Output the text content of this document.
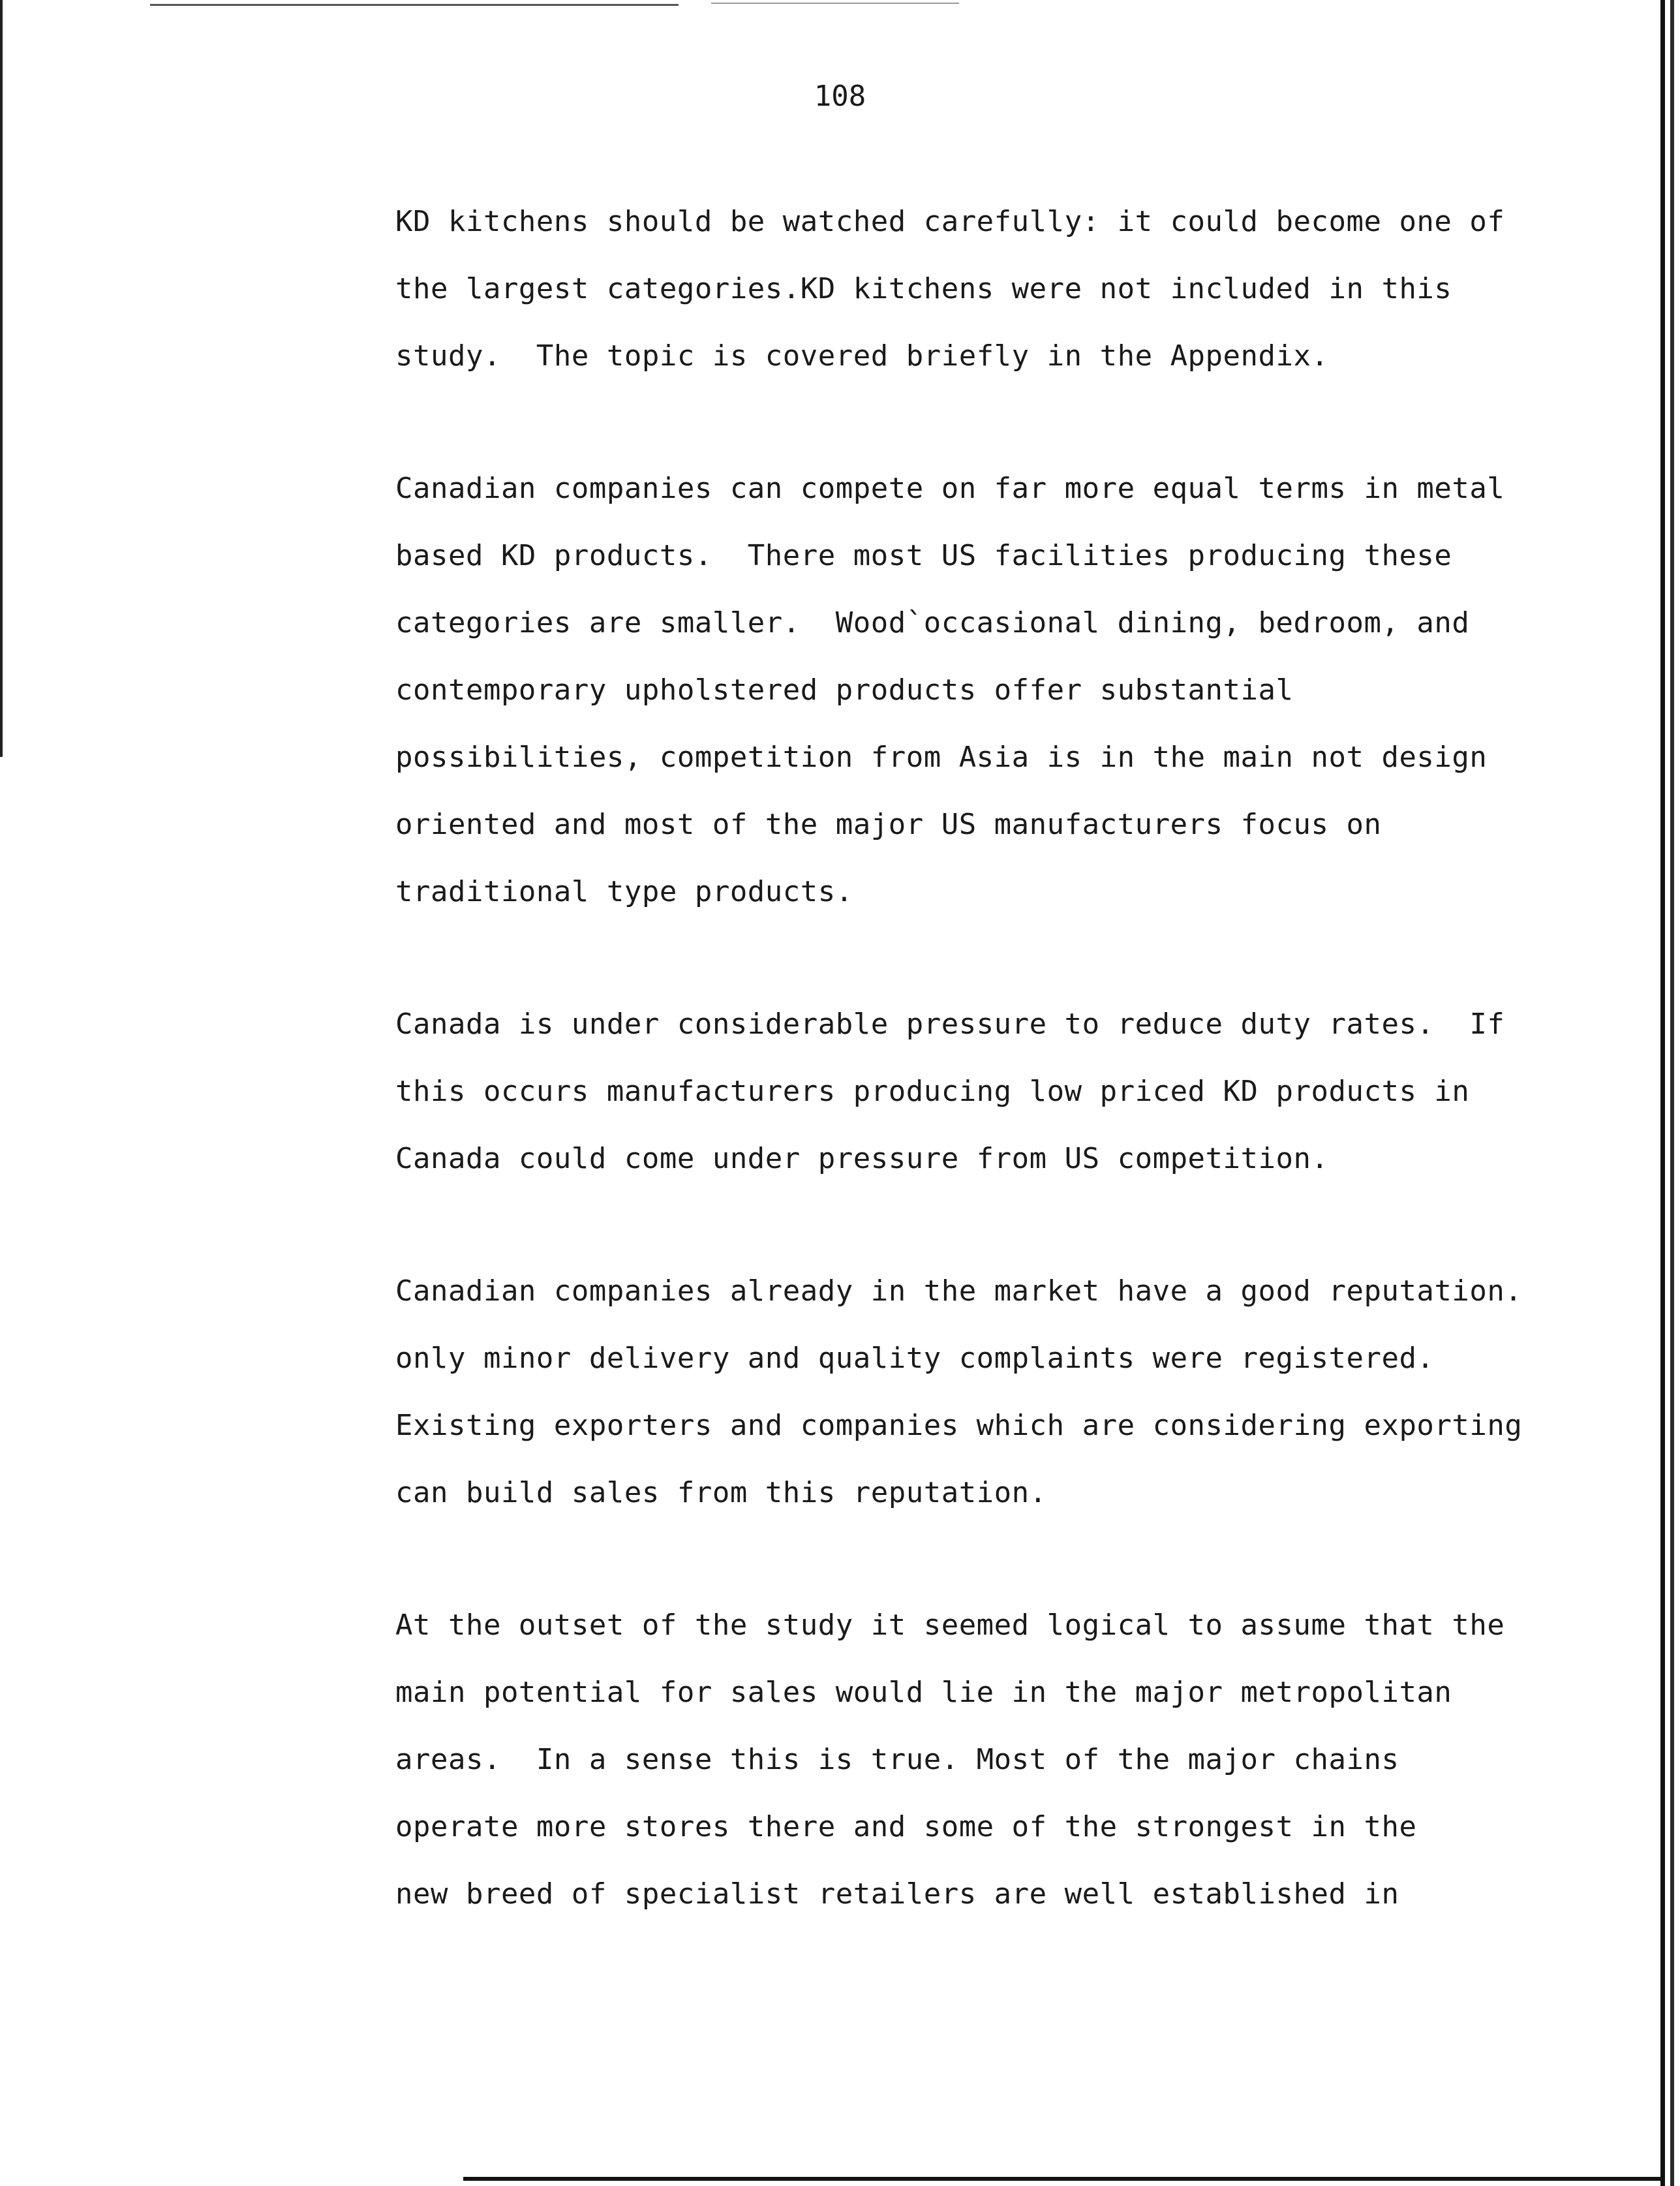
108

KD kitchens should be watched carefully: it could become one of
the largest categories.KD kitchens were not included in this
study.  The topic is covered briefly in the Appendix.
Canadian companies can compete on far more equal terms in metal
based KD products.  There most US facilities producing these
categories are smaller.  Wood`occasional dining, bedroom, and
contemporary upholstered products offer substantial
possibilities, competition from Asia is in the main not design
oriented and most of the major US manufacturers focus on
traditional type products.
Canada is under considerable pressure to reduce duty rates.  If
this occurs manufacturers producing low priced KD products in
Canada could come under pressure from US competition.
Canadian companies already in the market have a good reputation.
only minor delivery and quality complaints were registered.
Existing exporters and companies which are considering exporting
can build sales from this reputation.
At the outset of the study it seemed logical to assume that the
main potential for sales would lie in the major metropolitan
areas.  In a sense this is true. Most of the major chains
operate more stores there and some of the strongest in the
new breed of specialist retailers are well established in
